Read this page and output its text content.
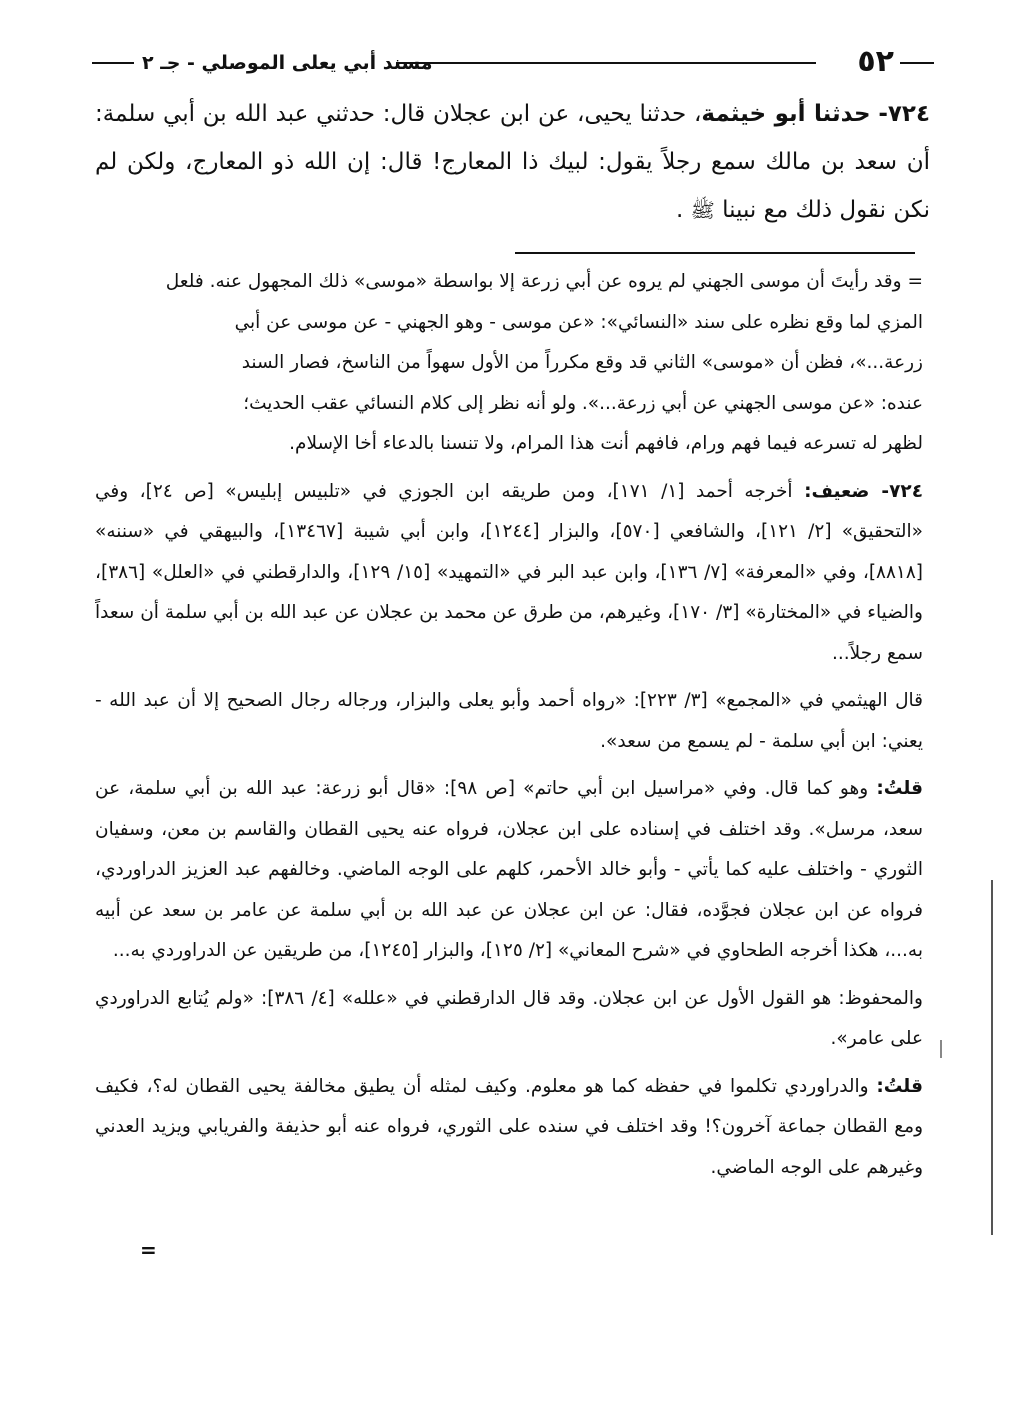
٥٢
مسند أبي يعلى الموصلي - جـ ٢
٧٢٤- حدثنا أبو خيثمة، حدثنا يحيى، عن ابن عجلان قال: حدثني عبد الله بن أبي سلمة: أن سعد بن مالك سمع رجلاً يقول: لبيك ذا المعارج! قال: إن الله ذو المعارج، ولكن لم نكن نقول ذلك مع نبينا ﷺ .

= وقد رأيتَ أن موسى الجهني لم يروه عن أبي زرعة إلا بواسطة «موسى» ذلك المجهول عنه. فلعل
المزي لما وقع نظره على سند «النسائي»: «عن موسى - وهو الجهني - عن موسى عن أبي
زرعة...»، فظن أن «موسى» الثاني قد وقع مكرراً من الأول سهواً من الناسخ، فصار السند
عنده: «عن موسى الجهني عن أبي زرعة...». ولو أنه نظر إلى كلام النسائي عقب الحديث؛
لظهر له تسرعه فيما فهم ورام، فافهم أنت هذا المرام، ولا تنسنا بالدعاء أخا الإسلام.

٧٢٤- ضعيف: أخرجه أحمد [١/ ١٧١]، ومن طريقه ابن الجوزي في «تلبيس إبليس» [ص ٢٤]، وفي «التحقيق» [٢/ ١٢١]، والشافعي [٥٧٠]، والبزار [١٢٤٤]، وابن أبي شيبة [١٣٤٦٧]، والبيهقي في «سننه» [٨٨١٨]، وفي «المعرفة» [٧/ ١٣٦]، وابن عبد البر في «التمهيد» [١٥/ ١٢٩]، والدارقطني في «العلل» [٣٨٦]، والضياء في «المختارة» [٣/ ١٧٠]، وغيرهم، من طرق عن محمد بن عجلان عن عبد الله بن أبي سلمة أن سعداً سمع رجلاً...

قال الهيثمي في «المجمع» [٣/ ٢٢٣]: «رواه أحمد وأبو يعلى والبزار، ورجاله رجال الصحيح إلا أن عبد الله - يعني: ابن أبي سلمة - لم يسمع من سعد».

قلتُ: وهو كما قال. وفي «مراسيل ابن أبي حاتم» [ص ٩٨]: «قال أبو زرعة: عبد الله بن أبي سلمة، عن سعد، مرسل». وقد اختلف في إسناده على ابن عجلان، فرواه عنه يحيى القطان والقاسم بن معن، وسفيان الثوري - واختلف عليه كما يأتي - وأبو خالد الأحمر، كلهم على الوجه الماضي. وخالفهم عبد العزيز الدراوردي، فرواه عن ابن عجلان فجوَّده، فقال: عن ابن عجلان عن عبد الله بن أبي سلمة عن عامر بن سعد عن أبيه به...، هكذا أخرجه الطحاوي في «شرح المعاني» [٢/ ١٢٥]، والبزار [١٢٤٥]، من طريقين عن الدراوردي به...

والمحفوظ: هو القول الأول عن ابن عجلان. وقد قال الدارقطني في «علله» [٤/ ٣٨٦]: «ولم يُتابع الدراوردي على عامر».

قلتُ: والدراوردي تكلموا في حفظه كما هو معلوم. وكيف لمثله أن يطيق مخالفة يحيى القطان له؟، فكيف ومع القطان جماعة آخرون؟! وقد اختلف في سنده على الثوري، فرواه عنه أبو حذيفة والفريابي ويزيد العدني وغيرهم على الوجه الماضي.

=
